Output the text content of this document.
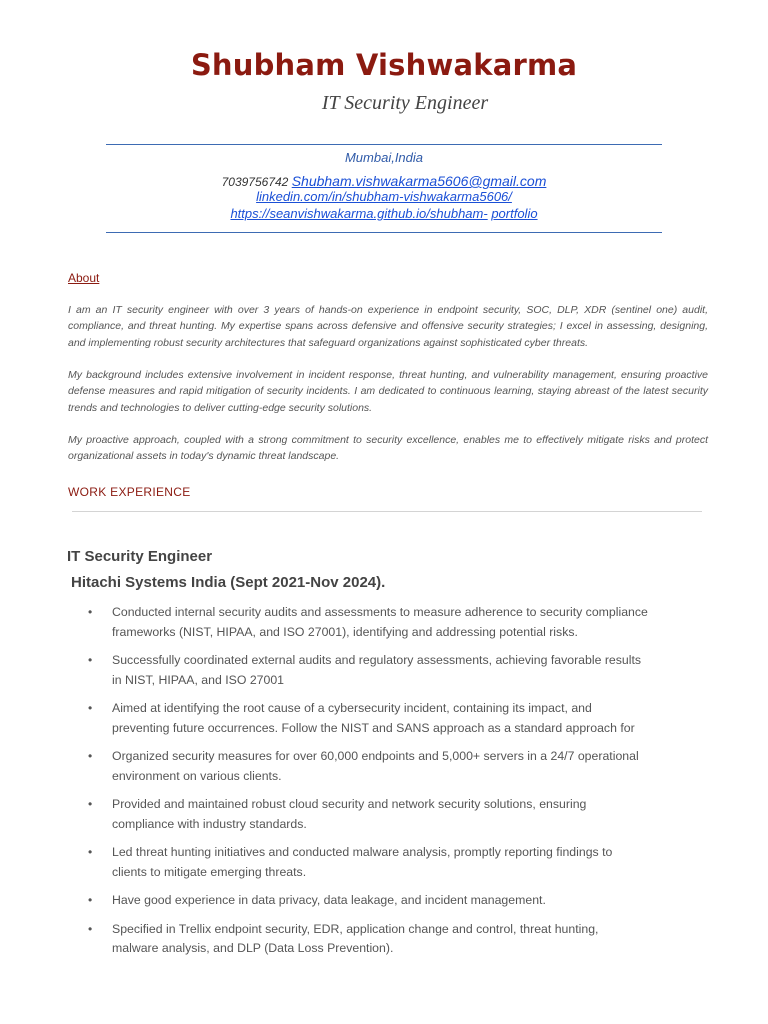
Shubham Vishwakarma
IT Security Engineer
Mumbai,India
7039756742 Shubham.vishwakarma5606@gmail.com
linkedin.com/in/shubham-vishwakarma5606/
https://seanvishwakarma.github.io/shubham- portfolio
About

I am an IT security engineer with over 3 years of hands-on experience in endpoint security, SOC, DLP, XDR (sentinel one) audit, compliance, and threat hunting. My expertise spans across defensive and offensive security strategies; I excel in assessing, designing, and implementing robust security architectures that safeguard organizations against sophisticated cyber threats.

My background includes extensive involvement in incident response, threat hunting, and vulnerability management, ensuring proactive defense measures and rapid mitigation of security incidents. I am dedicated to continuous learning, staying abreast of the latest security trends and technologies to deliver cutting-edge security solutions.

My proactive approach, coupled with a strong commitment to security excellence, enables me to effectively mitigate risks and protect organizational assets in today's dynamic threat landscape.

WORK EXPERIENCE
IT Security Engineer
Hitachi Systems India (Sept 2021-Nov 2024).
• Conducted internal security audits and assessments to measure adherence to security compliance frameworks (NIST, HIPAA, and ISO 27001), identifying and addressing potential risks.
• Successfully coordinated external audits and regulatory assessments, achieving favorable results in NIST, HIPAA, and ISO 27001
• Aimed at identifying the root cause of a cybersecurity incident, containing its impact, and preventing future occurrences. Follow the NIST and SANS approach as a standard approach for
• Organized security measures for over 60,000 endpoints and 5,000+ servers in a 24/7 operational environment on various clients.
• Provided and maintained robust cloud security and network security solutions, ensuring compliance with industry standards.
• Led threat hunting initiatives and conducted malware analysis, promptly reporting findings to clients to mitigate emerging threats.
• Have good experience in data privacy, data leakage, and incident management.
• Specified in Trellix endpoint security, EDR, application change and control, threat hunting, malware analysis, and DLP (Data Loss Prevention).
